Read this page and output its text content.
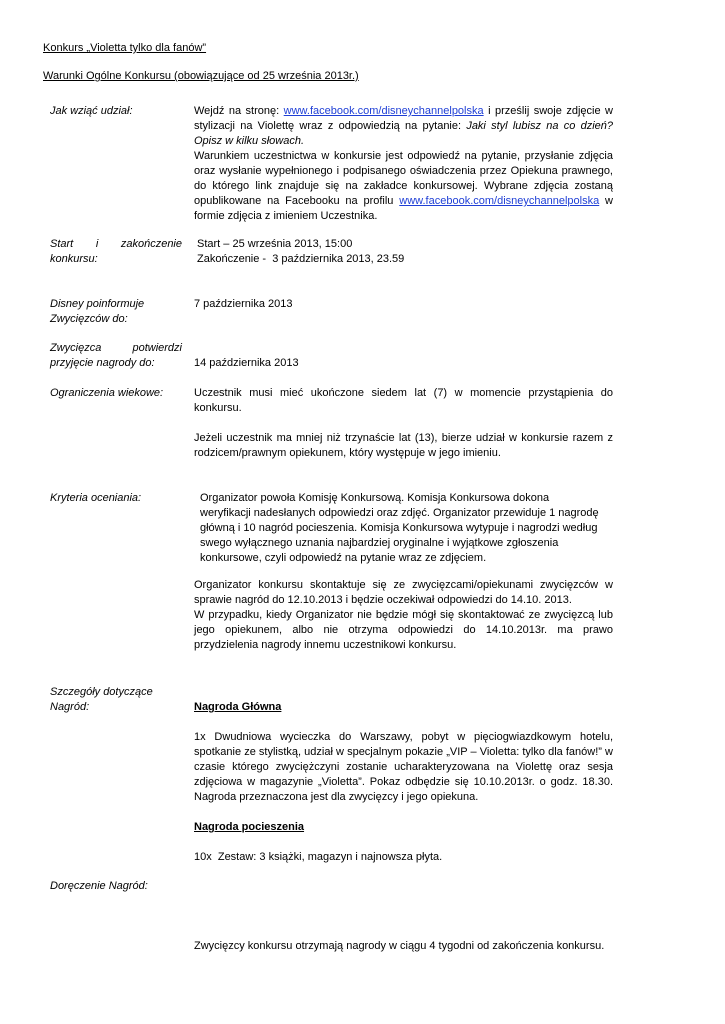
Konkurs „Violetta tylko dla fanów”
Warunki Ogólne Konkursu (obowiązujące od 25 września 2013r.)
Jak wziąć udział:	Wejdź na stronę: www.facebook.com/disneychannelpolska i prześlij swoje zdjęcie w stylizacji na Violettę wraz z odpowiedzią na pytanie: Jaki styl lubisz na co dzień? Opisz w kilku słowach.

Warunkiem uczestnictwa w konkursie jest odpowiedź na pytanie, przysłanie zdjęcia oraz wysłanie wypełnionego i podpisanego oświadczenia przez Opiekuna prawnego, do którego link znajduje się na zakładce konkursowej. Wybrane zdjęcia zostaną opublikowane na Facebooku na profilu www.facebook.com/disneychannelpolska w formie zdjęcia z imieniem Uczestnika.

Start i zakończenie
konkursu:
Start – 25 września 2013, 15:00
Zakończenie -  3 października 2013, 23.59
Disney poinformuje
Zwycięzców do:
7 października 2013
Zwycięzca potwierdzi
przyjęcie nagrody do:	14 października 2013
Ograniczenia wiekowe:	Uczestnik musi mieć ukończone siedem lat (7) w momencie przystąpienia do konkursu.

Jeżeli uczestnik ma mniej niż trzynaście lat (13), bierze udział w konkursie razem z rodzicem/prawnym opiekunem, który występuje w jego imieniu.

Kryteria oceniania:	Organizator powoła Komisję Konkursową. Komisja Konkursowa dokona
weryfikacji nadesłanych odpowiedzi oraz zdjęć. Organizator przewiduje 1 nagrodę
główną i 10 nagród pocieszenia. Komisja Konkursowa wytypuje i nagrodzi według
swego wyłącznego uznania najbardziej oryginalne i wyjątkowe zgłoszenia
konkursowe, czyli odpowiedź na pytanie wraz ze zdjęciem.

Organizator konkursu skontaktuje się ze zwycięzcami/opiekunami zwycięzców w sprawie nagród do 12.10.2013 i będzie oczekiwał odpowiedzi do 14.10. 2013.

W przypadku, kiedy Organizator nie będzie mógł się skontaktować ze zwycięzcą lub jego opiekunem, albo nie otrzyma odpowiedzi do 14.10.2013r. ma prawo przydzielenia nagrody innemu uczestnikowi konkursu.

Szczegóły dotyczące
Nagród:	Nagroda Główna

1x Dwudniowa wycieczka do Warszawy, pobyt w pięciogwiazdkowym hotelu, spotkanie ze stylistką, udział w specjalnym pokazie „VIP – Violetta: tylko dla fanów!” w czasie którego zwyciężczyni zostanie ucharakteryzowana na Violettę oraz sesja zdjęciowa w magazynie „Violetta”. Pokaz odbędzie się 10.10.2013r. o godz. 18.30. Nagroda przeznaczona jest dla zwycięzcy i jego opiekuna.

Nagroda pocieszenia

10x  Zestaw: 3 książki, magazyn i najnowsza płyta.

Doręczenie Nagród:
Zwycięzcy konkursu otrzymają nagrody w ciągu 4 tygodni od zakończenia konkursu.
